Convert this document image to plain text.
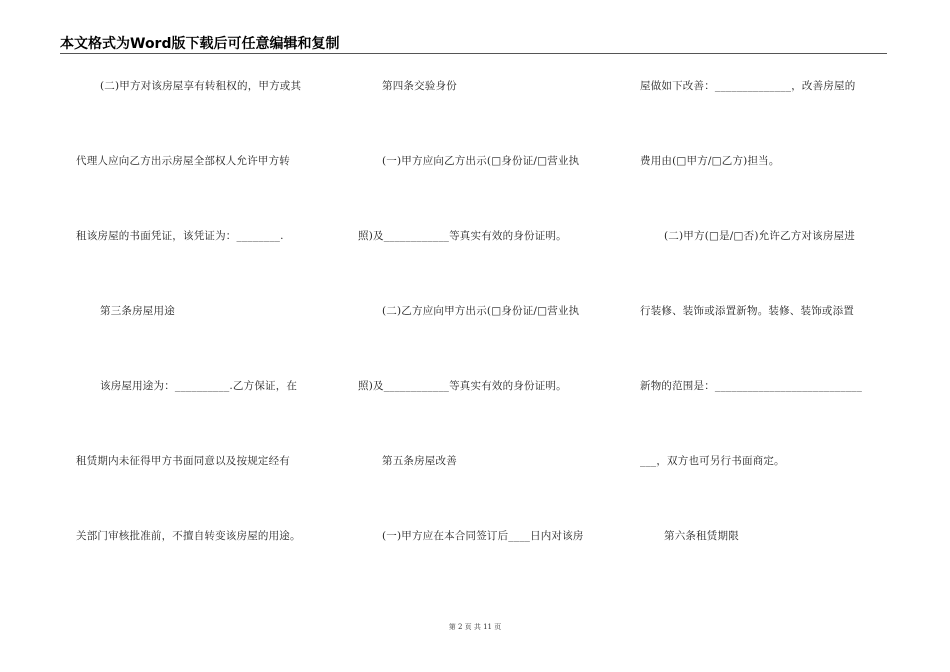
本文格式为Word版下载后可任意编辑和复制
(二)甲方对该房屋享有转租权的，甲方或其
代理人应向乙方出示房屋全部权人允许甲方转
租该房屋的书面凭证，该凭证为：________.
第三条房屋用途
该房屋用途为：__________.乙方保证，在
租赁期内未征得甲方书面同意以及按规定经有
关部门审核批准前，不擅自转变该房屋的用途。
第四条交验身份
(一)甲方应向乙方出示(□身份证/□营业执
照)及____________等真实有效的身份证明。
(二)乙方应向甲方出示(□身份证/□营业执
照)及____________等真实有效的身份证明。
第五条房屋改善
(一)甲方应在本合同签订后____日内对该房
屋做如下改善：______________，改善房屋的
费用由(□甲方/□乙方)担当。
(二)甲方(□是/□否)允许乙方对该房屋进
行装修、装饰或添置新物。装修、装饰或添置
新物的范围是：___________________________
___，双方也可另行书面商定。
第六条租赁期限
第 2 页 共 11 页
